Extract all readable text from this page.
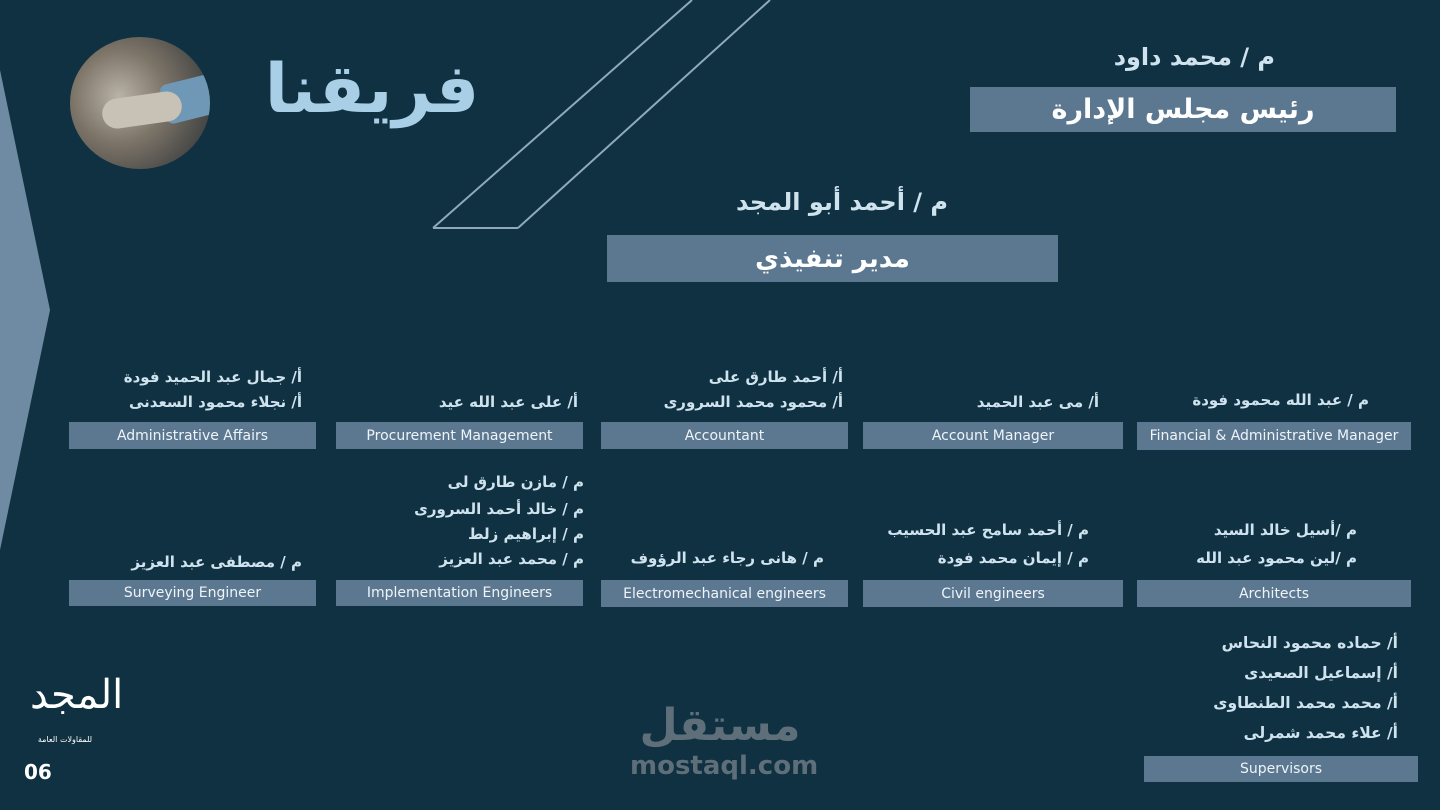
فريقنا	م / محمد داود
رئيس مجلس الإدارة
م / أحمد أبو المجد
مدير تنفيذي
أ/ جمال عبد الحميد فودة
أ/ نجلاء محمود السعدنى
Administrative Affairs
أ/ على عبد الله عيد
Procurement Management
أ/ أحمد طارق على
أ/ محمود محمد السرورى
Accountant
أ/ مى عبد الحميد
Account Manager
م / عبد الله محمود فودة
Financial & Administrative Manager
م / مصطفى عبد العزيز
Surveying Engineer
م / مازن طارق لى
م / خالد أحمد السرورى
م / إبراهيم زلط
م / محمد عبد العزيز
Implementation Engineers
م / هانى رجاء عبد الرؤوف
Electromechanical engineers
م / أحمد سامح عبد الحسيب
م / إيمان محمد فودة
Civil engineers
م /أسيل خالد السيد
م /لين محمود عبد الله
Architects
أ/ حماده محمود النحاس
أ/ إسماعيل الصعيدى
أ/ محمد محمد الطنطاوى
أ/ علاء محمد شمرلى
Supervisors
مستقل
mostaql.com
المجد
للمقاولات العامة
06
